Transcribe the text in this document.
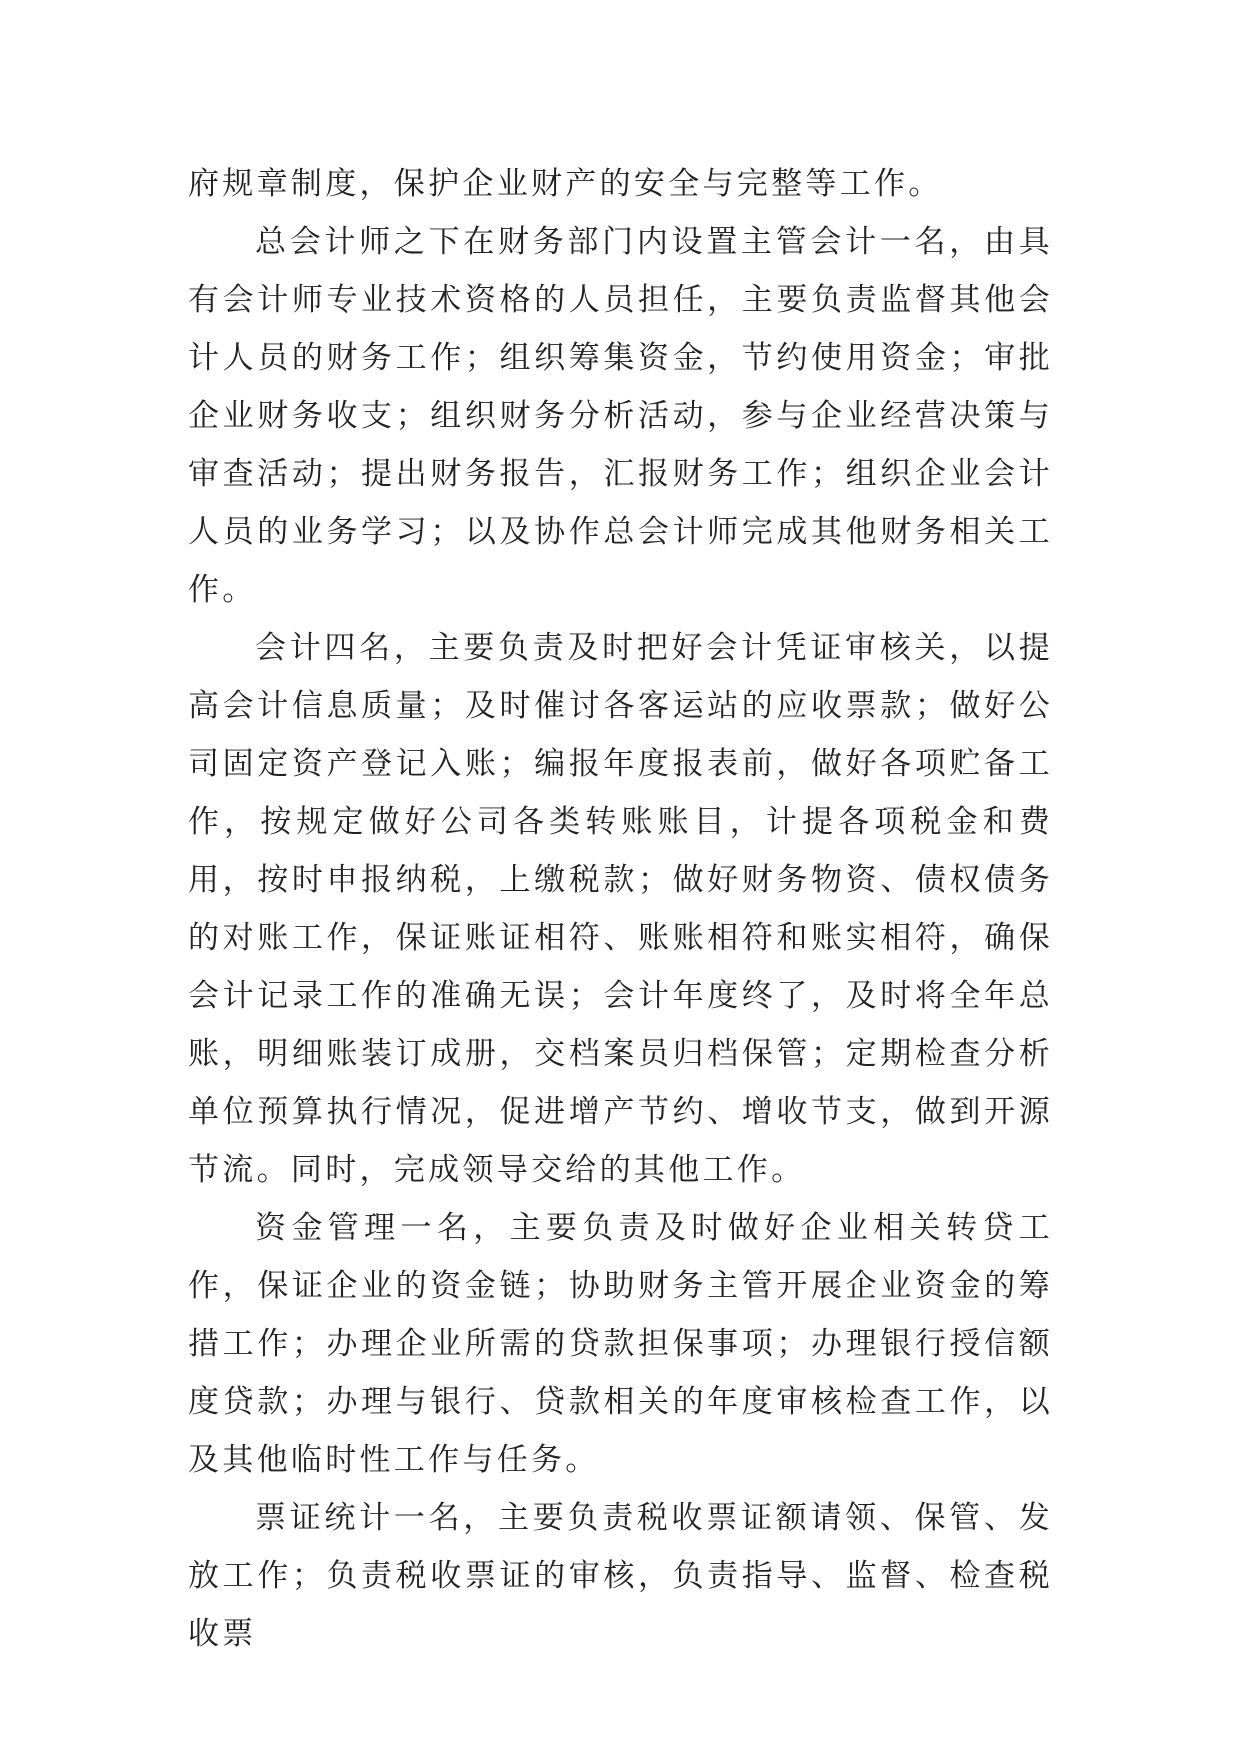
府规章制度，保护企业财产的安全与完整等工作。

总会计师之下在财务部门内设置主管会计一名，由具有会计师专业技术资格的人员担任，主要负责监督其他会计人员的财务工作；组织筹集资金，节约使用资金；审批企业财务收支；组织财务分析活动，参与企业经营决策与审查活动；提出财务报告，汇报财务工作；组织企业会计人员的业务学习；以及协作总会计师完成其他财务相关工作。

会计四名，主要负责及时把好会计凭证审核关，以提高会计信息质量；及时催讨各客运站的应收票款；做好公司固定资产登记入账；编报年度报表前，做好各项贮备工作，按规定做好公司各类转账账目，计提各项税金和费用，按时申报纳税，上缴税款；做好财务物资、债权债务的对账工作，保证账证相符、账账相符和账实相符，确保会计记录工作的准确无误；会计年度终了，及时将全年总账，明细账装订成册，交档案员归档保管；定期检查分析单位预算执行情况，促进增产节约、增收节支，做到开源节流。同时，完成领导交给的其他工作。

资金管理一名，主要负责及时做好企业相关转贷工作，保证企业的资金链；协助财务主管开展企业资金的筹措工作；办理企业所需的贷款担保事项；办理银行授信额度贷款；办理与银行、贷款相关的年度审核检查工作，以及其他临时性工作与任务。

票证统计一名，主要负责税收票证额请领、保管、发放工作；负责税收票证的审核，负责指导、监督、检查税收票
